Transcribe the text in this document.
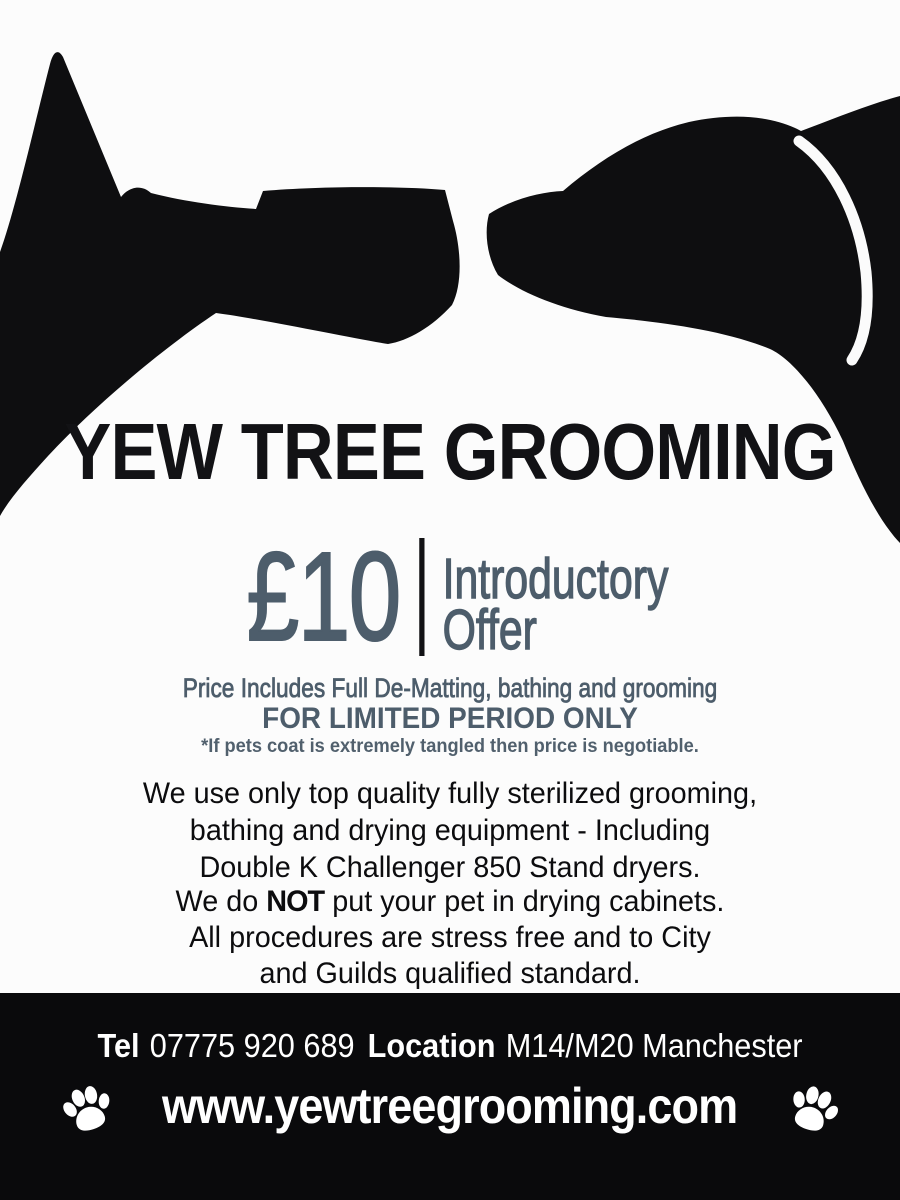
YEW TREE GROOMING
£10 Introductory
Offer
Price Includes Full De-Matting, bathing and grooming
FOR LIMITED PERIOD ONLY
*If pets coat is extremely tangled then price is negotiable.
We use only top quality fully sterilized grooming,
bathing and drying equipment - Including
Double K Challenger 850 Stand dryers.
We do NOT put your pet in drying cabinets.
All procedures are stress free and to City
and Guilds qualified standard.
Tel 07775 920 689 Location M14/M20 Manchester
www.yewtreegrooming.com
